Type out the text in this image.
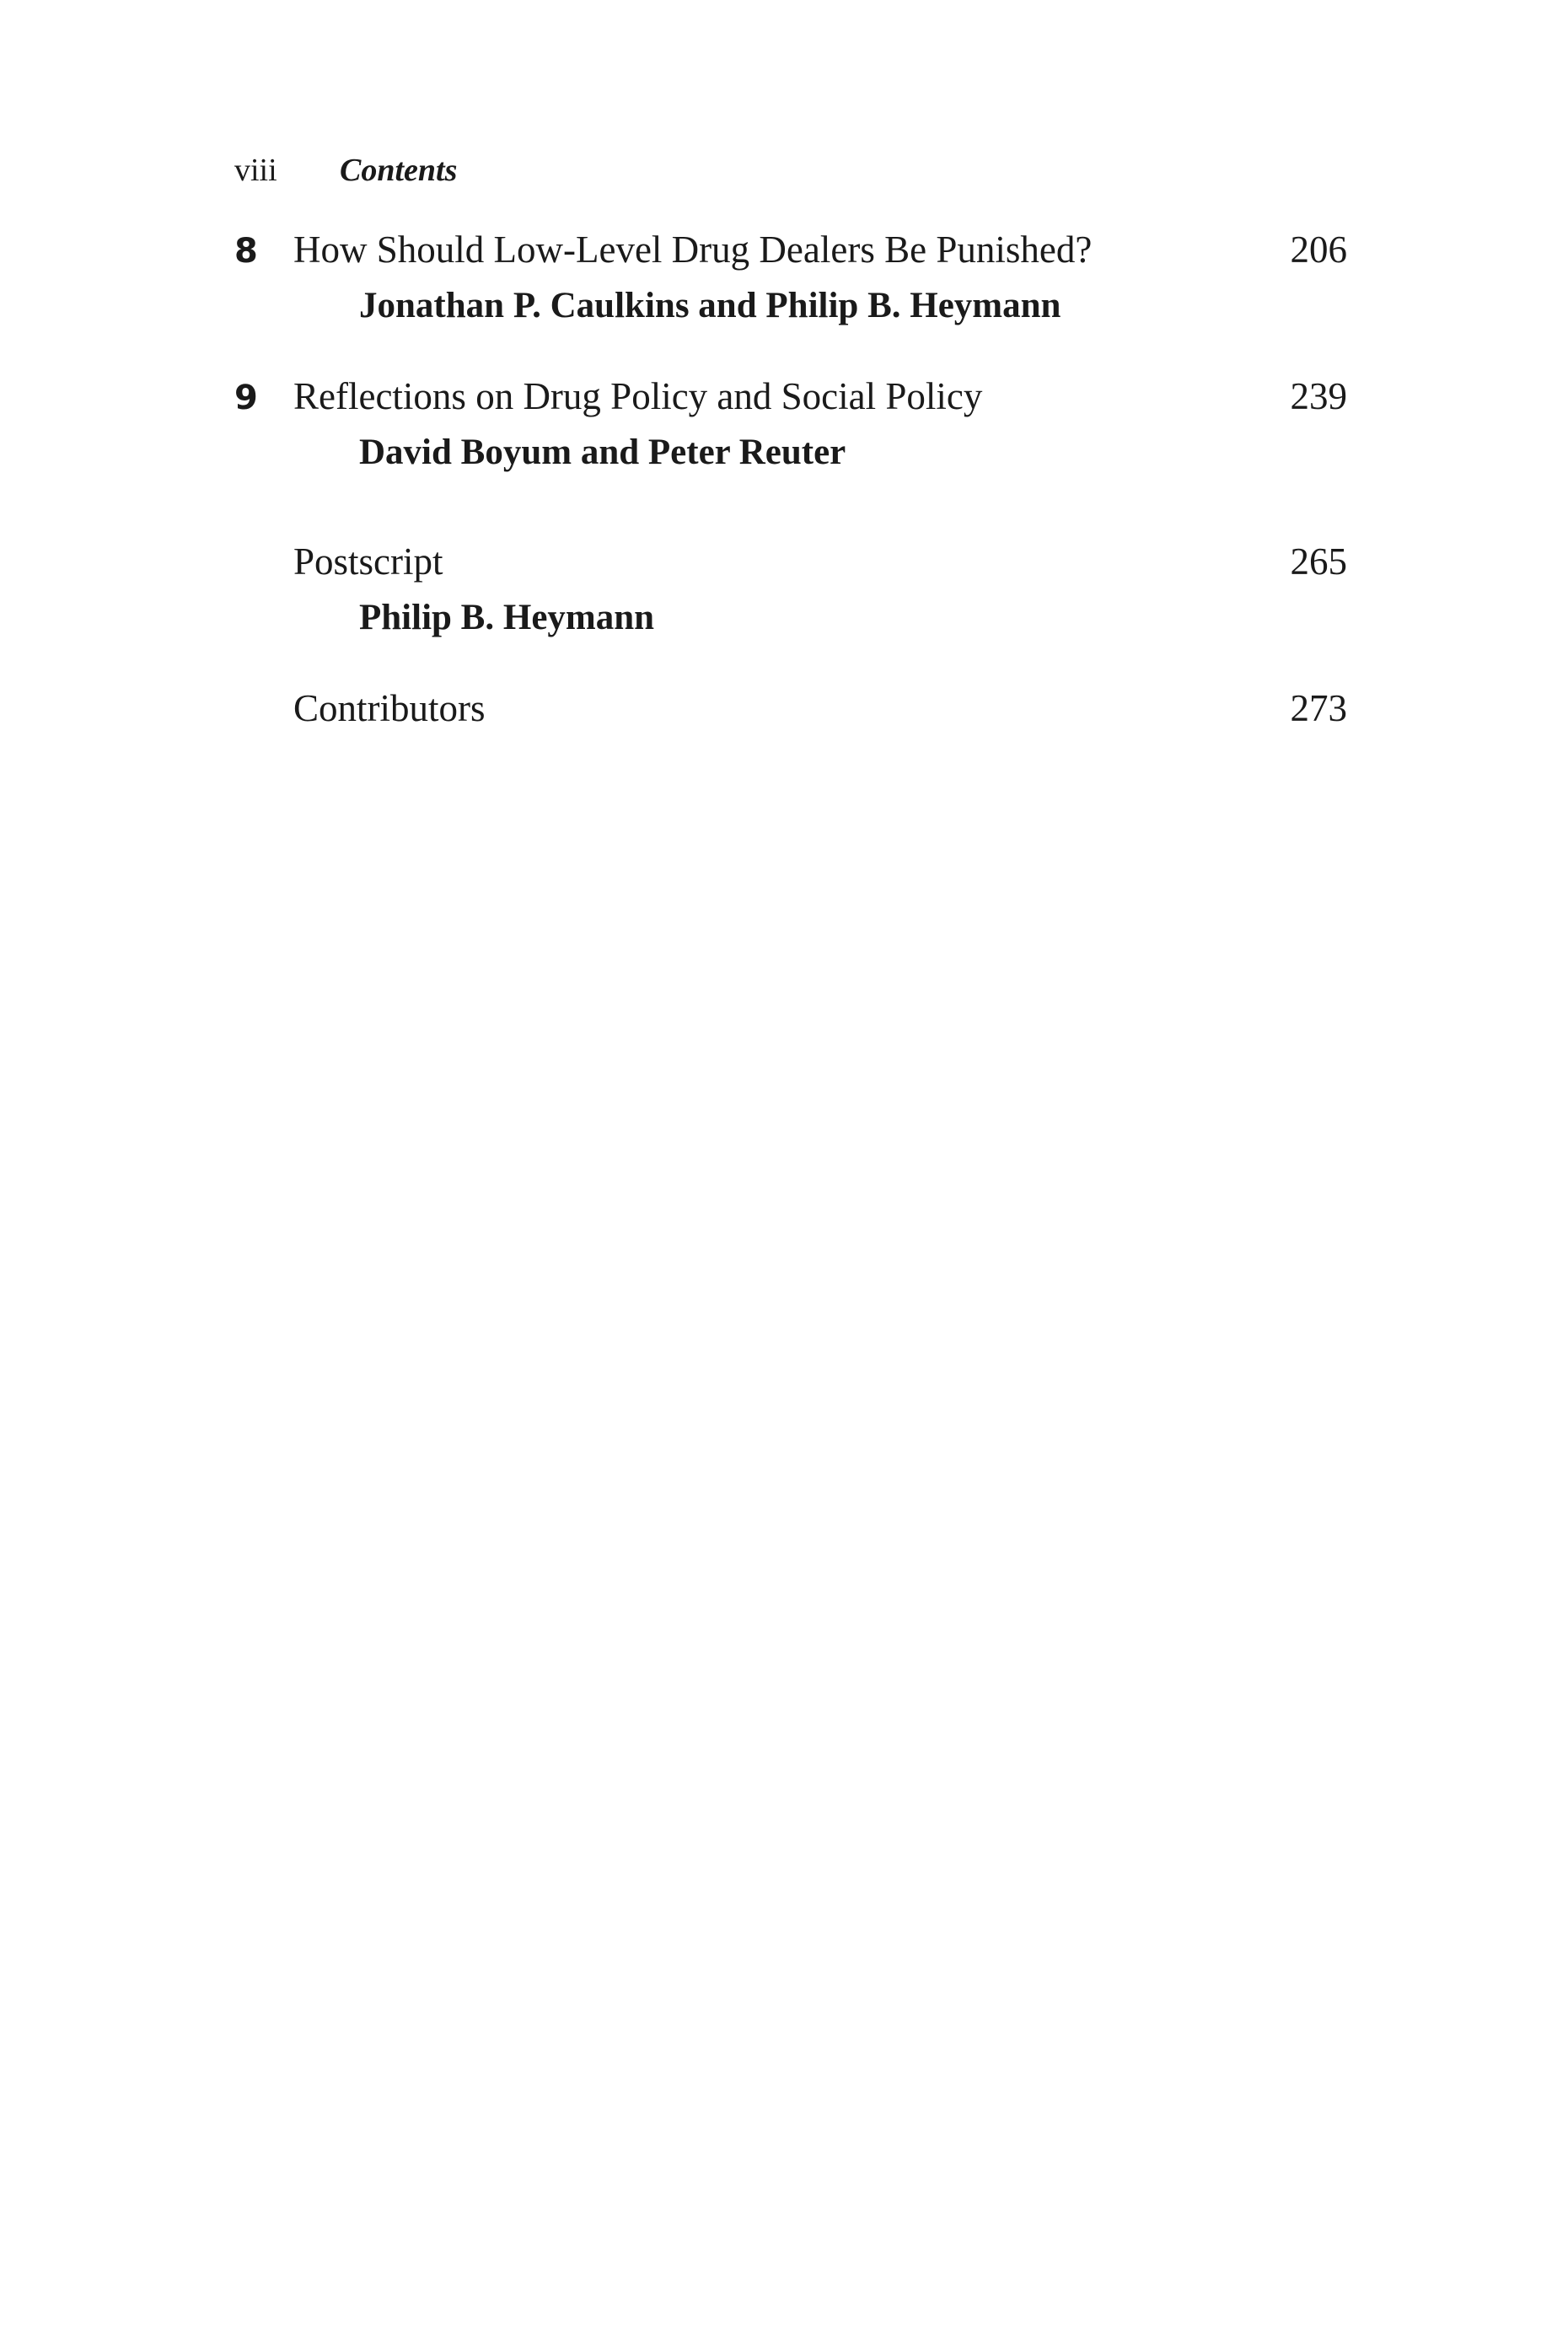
viii	Contents
8 How Should Low-Level Drug Dealers Be Punished?	206
Jonathan P. Caulkins and Philip B. Heymann
9 Reflections on Drug Policy and Social Policy	239
David Boyum and Peter Reuter
Postscript	265
Philip B. Heymann
Contributors	273
